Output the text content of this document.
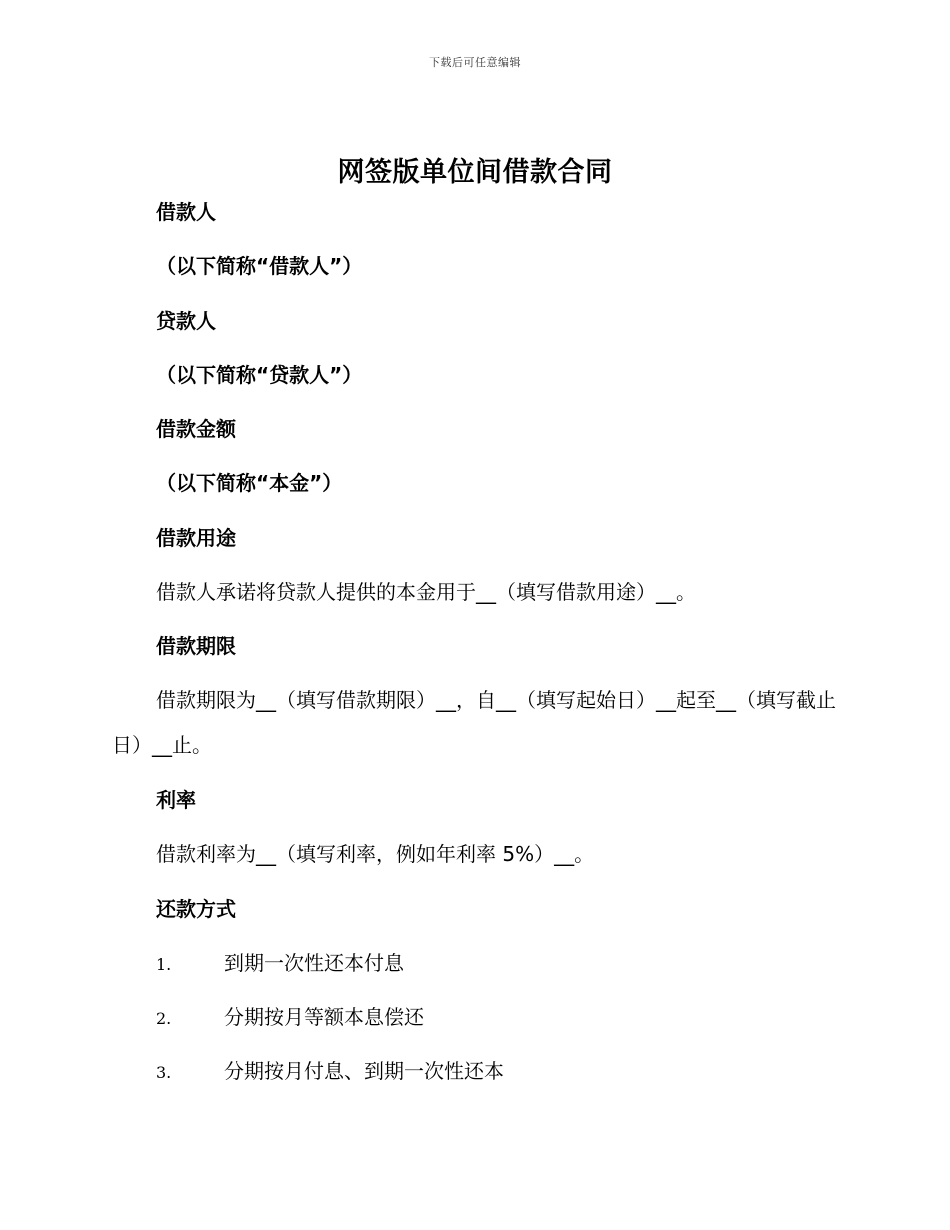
下载后可任意编辑
网签版单位间借款合同
借款人
（以下简称“借款人”）
贷款人
（以下简称“贷款人”）
借款金额
（以下简称“本金”）
借款用途
借款人承诺将贷款人提供的本金用于__（填写借款用途）__。
借款期限
借款期限为__（填写借款期限）__，自__（填写起始日）__起至__（填写截止日）__止。
利率
借款利率为__（填写利率，例如年利率 5%）__。
还款方式
1.	到期一次性还本付息
2.	分期按月等额本息偿还
3.	分期按月付息、到期一次性还本
